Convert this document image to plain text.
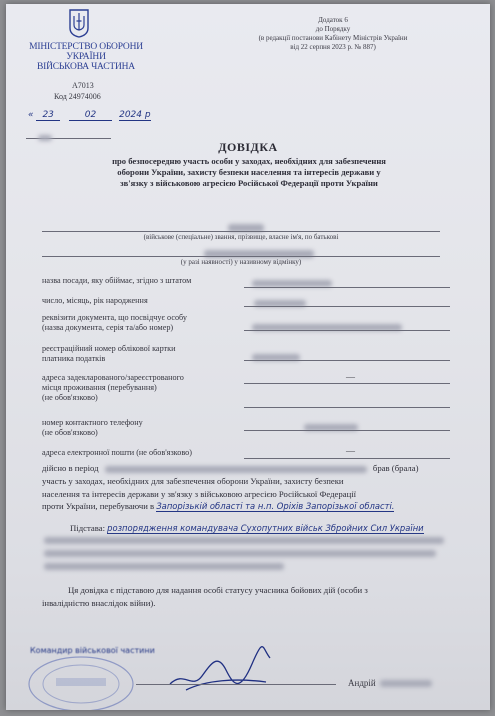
МІНІСТЕРСТВО ОБОРОНИ
УКРАЇНИ
ВІЙСЬКОВА ЧАСТИНА
А7013
Код 24974006
« 23	02	2024 р
Додаток 6
до Порядку
(в редакції постанови Кабінету Міністрів України
від 22 серпня 2023 р. № 887)
ДОВІДКА
про безпосередню участь особи у заходах, необхідних для забезпечення
оборони України, захисту безпеки населення та інтересів держави у
зв'язку з військовою агресією Російської Федерації проти України
(військове (спеціальне) звання, прізвище, власне ім'я, по батькові
(у разі наявності) у називному відмінку)
назва посади, яку обіймає, згідно з штатом
число, місяць, рік народження
реквізити документа, що посвідчує особу
(назва документа, серія та/або номер)
реєстраційний номер облікової картки
платника податків
адреса задекларованого/зареєстрованого
місця проживання (перебування)
(не обов'язково)
—
номер контактного телефону
(не обов'язково)
адреса електронної пошти (не обов'язково)	—
дійсно в період	брав (брала)
участь у заходах, необхідних для забезпечення оборони України, захисту безпеки
населення та інтересів держави у зв'язку з військовою агресією Російської Федерації
проти України, перебуваючи в Запорізькій області та н.п. Оріхів Запорізької області.
Підстава: розпорядження командувача Сухопутних військ Збройних Сил України
Ця довідка є підставою для надання особі статусу учасника бойових дій (особи з
інвалідністю внаслідок війни).
Командир військової частини
Андрій
